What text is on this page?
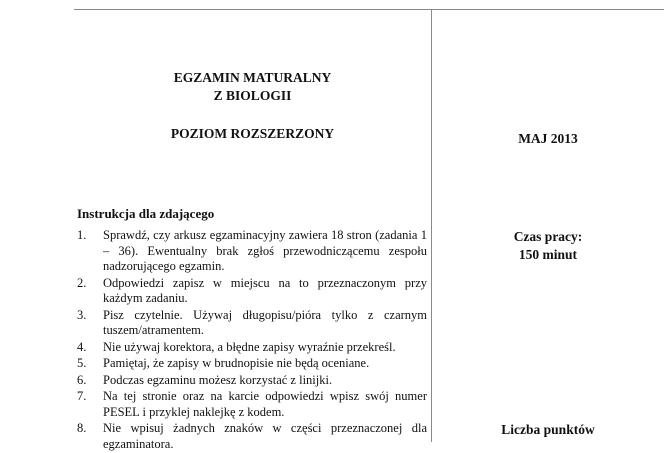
EGZAMIN MATURALNY
Z BIOLOGII
POZIOM ROZSZERZONY	MAJ 2013
Czas pracy:
150 minut
Liczba punktów
Instrukcja dla zdającego
1.	Sprawdź, czy arkusz egzaminacyjny zawiera 18 stron (zadania 1 – 36). Ewentualny brak zgłoś przewodniczącemu zespołu nadzorującego egzamin.
2.	Odpowiedzi zapisz w miejscu na to przeznaczonym przy każdym zadaniu.
3.	Pisz czytelnie. Używaj długopisu/pióra tylko z czarnym tuszem/atramentem.
4.	Nie używaj korektora, a błędne zapisy wyraźnie przekreśl.
5.	Pamiętaj, że zapisy w brudnopisie nie będą oceniane.
6.	Podczas egzaminu możesz korzystać z linijki.
7.	Na tej stronie oraz na karcie odpowiedzi wpisz swój numer PESEL i przyklej naklejkę z kodem.
8.	Nie wpisuj żadnych znaków w części przeznaczonej dla egzaminatora.
